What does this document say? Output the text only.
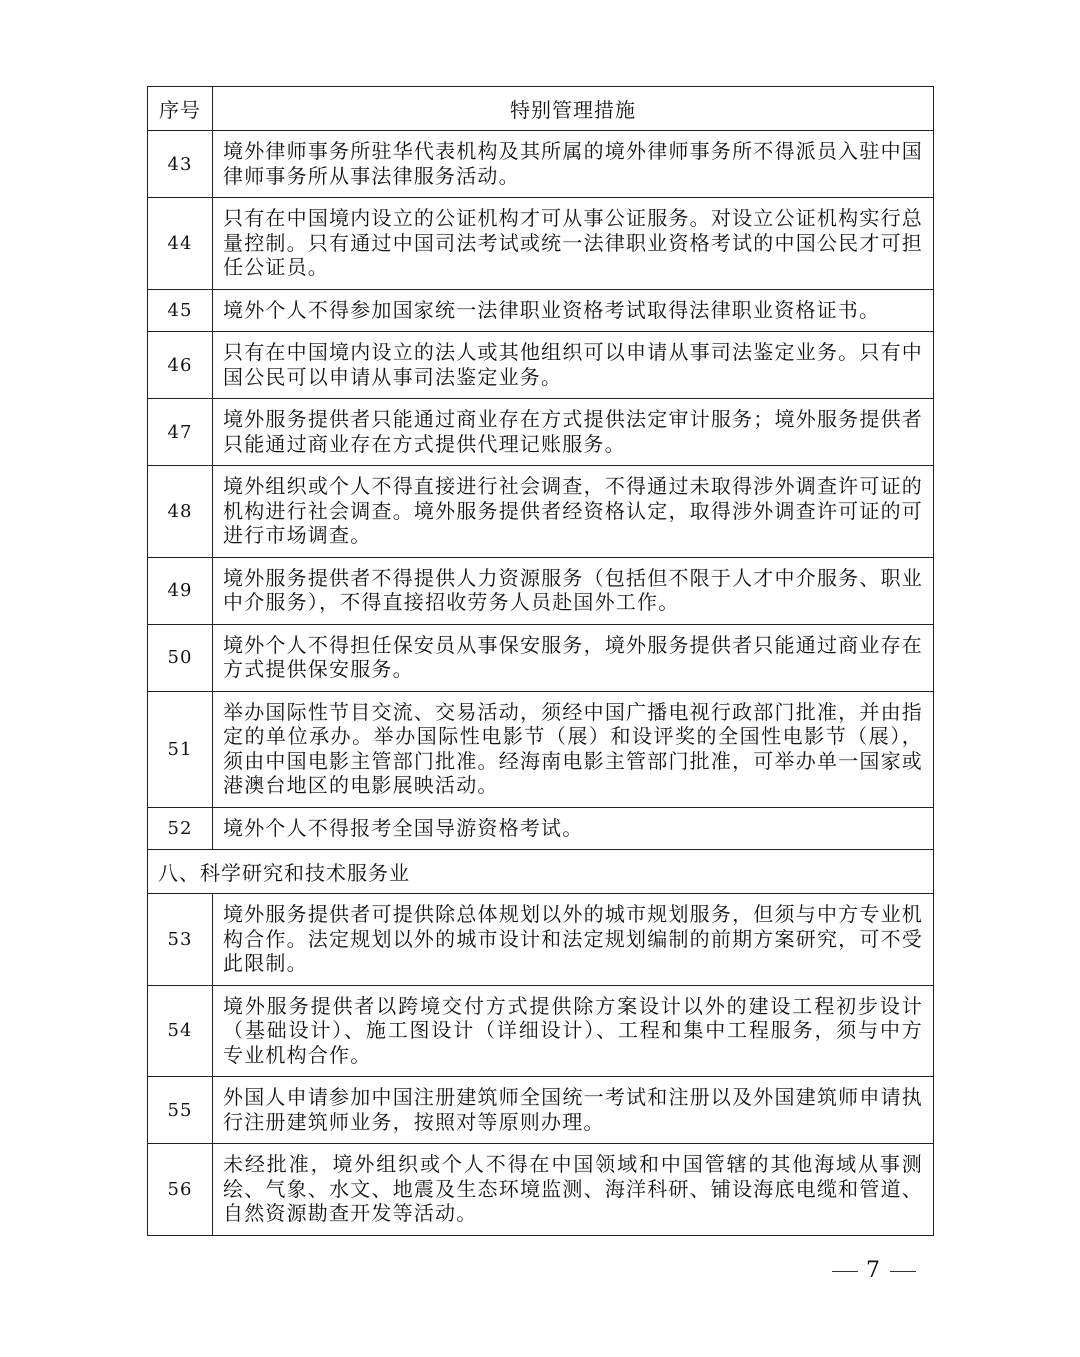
序号	特别管理措施
43	境外律师事务所驻华代表机构及其所属的境外律师事务所不得派员入驻中国律师事务所从事法律服务活动。
44	只有在中国境内设立的公证机构才可从事公证服务。对设立公证机构实行总量控制。只有通过中国司法考试或统一法律职业资格考试的中国公民才可担任公证员。
45	境外个人不得参加国家统一法律职业资格考试取得法律职业资格证书。
46	只有在中国境内设立的法人或其他组织可以申请从事司法鉴定业务。只有中国公民可以申请从事司法鉴定业务。
47	境外服务提供者只能通过商业存在方式提供法定审计服务；境外服务提供者只能通过商业存在方式提供代理记账服务。
48	境外组织或个人不得直接进行社会调查，不得通过未取得涉外调查许可证的机构进行社会调查。境外服务提供者经资格认定，取得涉外调查许可证的可进行市场调查。
49	境外服务提供者不得提供人力资源服务（包括但不限于人才中介服务、职业中介服务），不得直接招收劳务人员赴国外工作。
50	境外个人不得担任保安员从事保安服务，境外服务提供者只能通过商业存在方式提供保安服务。
51	举办国际性节目交流、交易活动，须经中国广播电视行政部门批准，并由指定的单位承办。举办国际性电影节（展）和设评奖的全国性电影节（展），须由中国电影主管部门批准。经海南电影主管部门批准，可举办单一国家或港澳台地区的电影展映活动。
52	境外个人不得报考全国导游资格考试。
八、科学研究和技术服务业	
53	境外服务提供者可提供除总体规划以外的城市规划服务，但须与中方专业机构合作。法定规划以外的城市设计和法定规划编制的前期方案研究，可不受此限制。
54	境外服务提供者以跨境交付方式提供除方案设计以外的建设工程初步设计（基础设计）、施工图设计（详细设计）、工程和集中工程服务，须与中方专业机构合作。
55	外国人申请参加中国注册建筑师全国统一考试和注册以及外国建筑师申请执行注册建筑师业务，按照对等原则办理。
56	未经批准，境外组织或个人不得在中国领域和中国管辖的其他海域从事测绘、气象、水文、地震及生态环境监测、海洋科研、铺设海底电缆和管道、自然资源勘查开发等活动。
7
